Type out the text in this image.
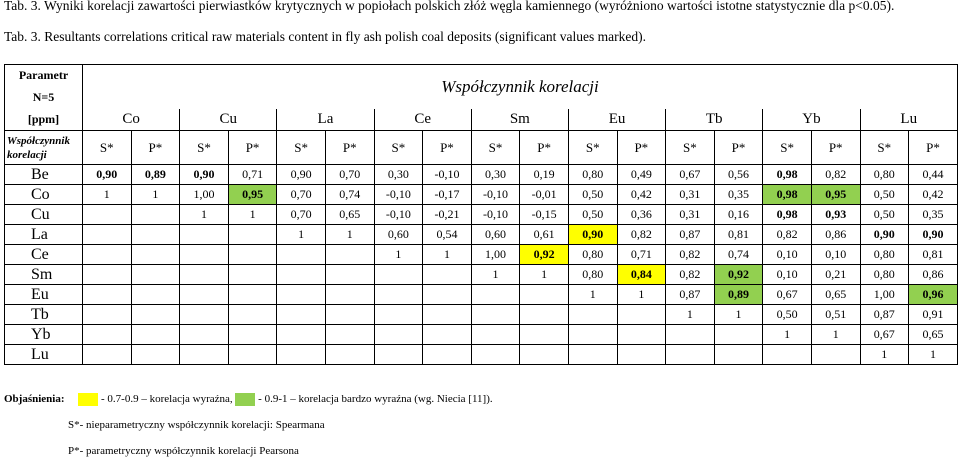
Tab. 3. Wyniki korelacji zawartości pierwiastków krytycznych w popiołach polskich złóż węgla kamiennego (wyróżniono wartości istotne statystycznie dla p<0.05).
Tab. 3. Resultants correlations critical raw materials content in fly ash polish coal deposits (significant values marked).
Parametr	Współczynnik korelacji																	
N=5																		
[ppm]	Co		Cu		La		Ce		Sm		Eu		Tb		Yb		Lu	
Współczynnik korelacji	S*	P*	S*	P*	S*	P*	S*	P*	S*	P*	S*	P*	S*	P*	S*	P*	S*	P*
Be	0,90	0,89	0,90	0,71	0,90	0,70	0,30	-0,10	0,30	0,19	0,80	0,49	0,67	0,56	0,98	0,82	0,80	0,44
Co	1	1	1,00	0,95	0,70	0,74	-0,10	-0,17	-0,10	-0,01	0,50	0,42	0,31	0,35	0,98	0,95	0,50	0,42
Cu			1	1	0,70	0,65	-0,10	-0,21	-0,10	-0,15	0,50	0,36	0,31	0,16	0,98	0,93	0,50	0,35
La					1	1	0,60	0,54	0,60	0,61	0,90	0,82	0,87	0,81	0,82	0,86	0,90	0,90
Ce							1	1	1,00	0,92	0,80	0,71	0,82	0,74	0,10	0,10	0,80	0,81
Sm									1	1	0,80	0,84	0,82	0,92	0,10	0,21	0,80	0,86
Eu											1	1	0,87	0,89	0,67	0,65	1,00	0,96
Tb													1	1	0,50	0,51	0,87	0,91
Yb															1	1	0,67	0,65
Lu																	1	1
Objaśnienia:	- 0.7-0.9 – korelacja wyraźna, - 0.9-1 – korelacja bardzo wyraźna (wg. Niecia [11]).
S*- nieparametryczny współczynnik korelacji: Spearmana
P*- parametryczny współczynnik korelacji Pearsona
